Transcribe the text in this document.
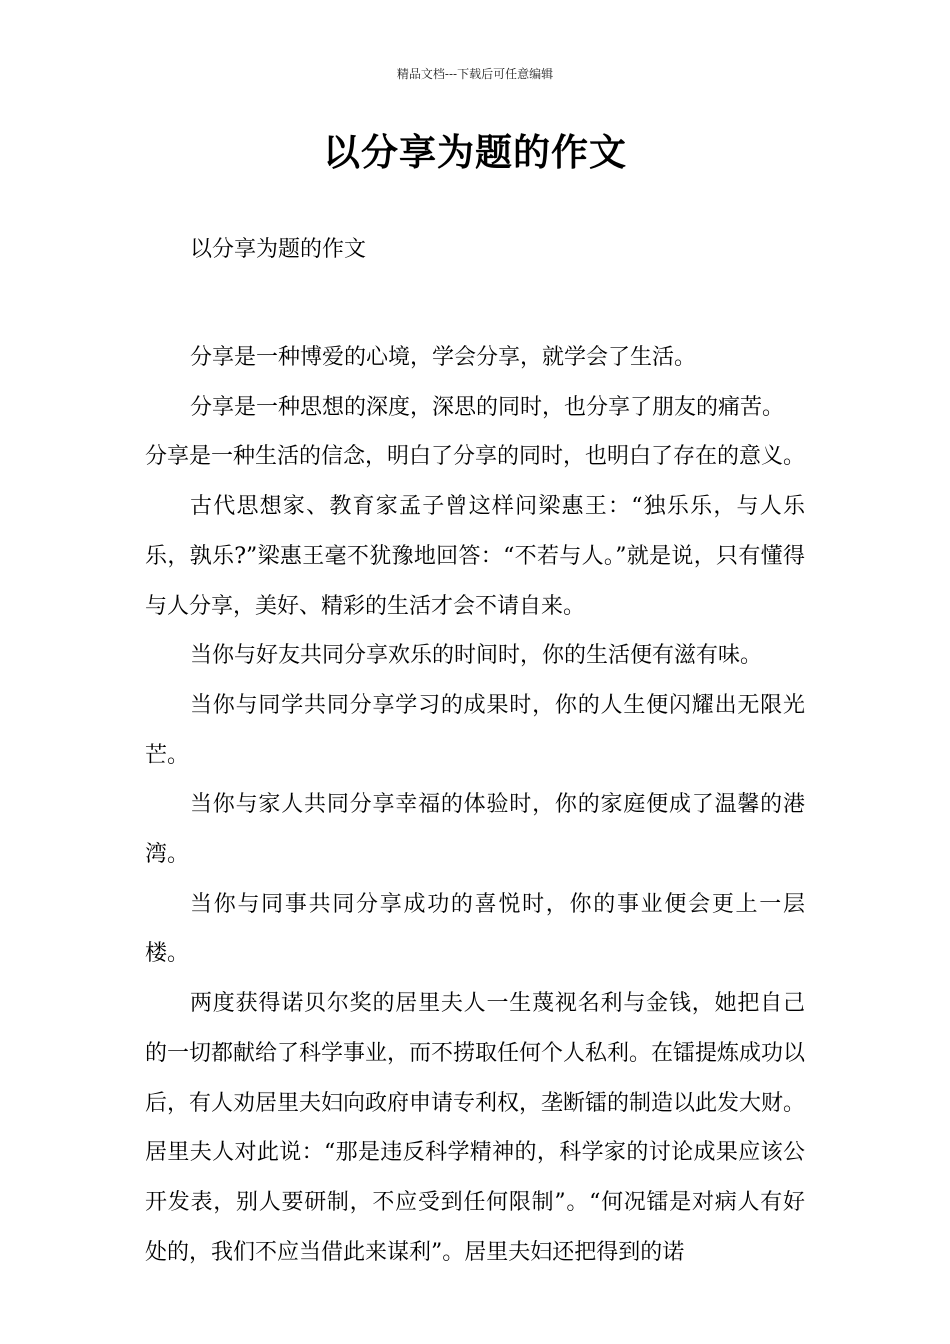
精品文档---下载后可任意编辑
以分享为题的作文
以分享为题的作文

分享是一种博爱的心境，学会分享，就学会了生活。

分享是一种思想的深度，深思的同时，也分享了朋友的痛苦。

分享是一种生活的信念，明白了分享的同时，也明白了存在的意义。

古代思想家、教育家孟子曾这样问梁惠王：“独乐乐，与人乐乐，孰乐?”梁惠王毫不犹豫地回答：“不若与人。”就是说，只有懂得与人分享，美好、精彩的生活才会不请自来。

当你与好友共同分享欢乐的时间时，你的生活便有滋有味。

当你与同学共同分享学习的成果时，你的人生便闪耀出无限光芒。

当你与家人共同分享幸福的体验时，你的家庭便成了温馨的港湾。

当你与同事共同分享成功的喜悦时，你的事业便会更上一层楼。

两度获得诺贝尔奖的居里夫人一生蔑视名利与金钱，她把自己的一切都献给了科学事业，而不捞取任何个人私利。在镭提炼成功以后，有人劝居里夫妇向政府申请专利权，垄断镭的制造以此发大财。居里夫人对此说：“那是违反科学精神的，科学家的讨论成果应该公开发表，别人要研制，不应受到任何限制”。“何况镭是对病人有好处的，我们不应当借此来谋利”。居里夫妇还把得到的诺
